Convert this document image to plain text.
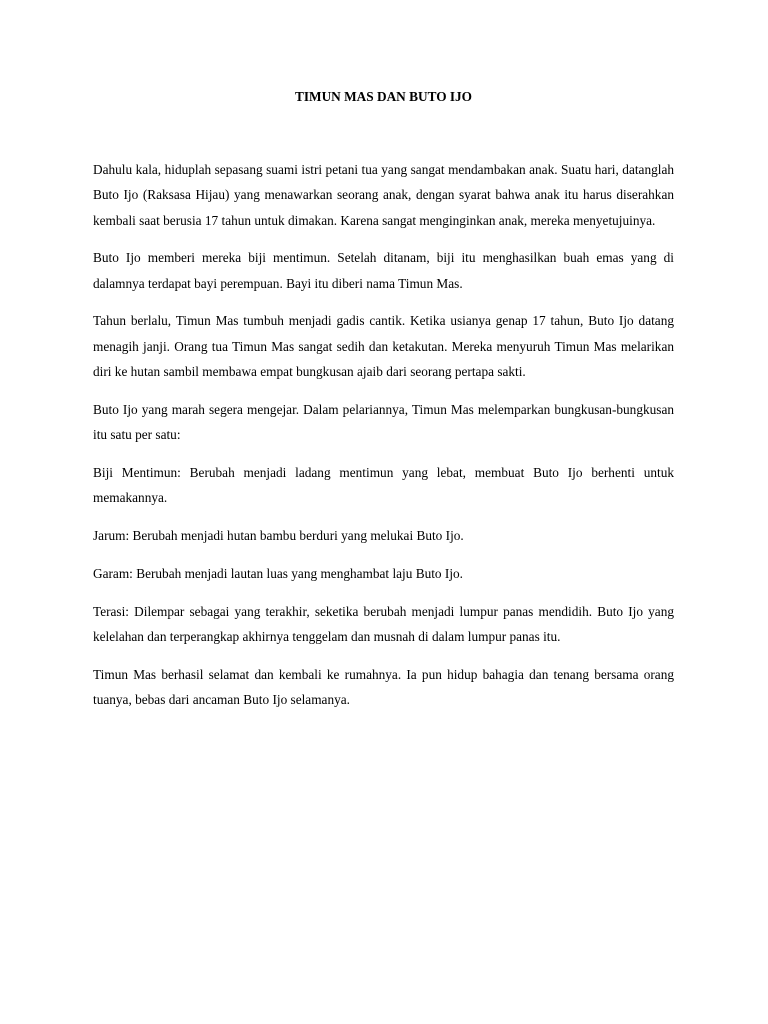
TIMUN MAS DAN BUTO IJO

Dahulu kala, hiduplah sepasang suami istri petani tua yang sangat mendambakan anak. Suatu hari, datanglah Buto Ijo (Raksasa Hijau) yang menawarkan seorang anak, dengan syarat bahwa anak itu harus diserahkan kembali saat berusia 17 tahun untuk dimakan. Karena sangat menginginkan anak, mereka menyetujuinya.

Buto Ijo memberi mereka biji mentimun. Setelah ditanam, biji itu menghasilkan buah emas yang di dalamnya terdapat bayi perempuan. Bayi itu diberi nama Timun Mas.

Tahun berlalu, Timun Mas tumbuh menjadi gadis cantik. Ketika usianya genap 17 tahun, Buto Ijo datang menagih janji. Orang tua Timun Mas sangat sedih dan ketakutan. Mereka menyuruh Timun Mas melarikan diri ke hutan sambil membawa empat bungkusan ajaib dari seorang pertapa sakti.

Buto Ijo yang marah segera mengejar. Dalam pelariannya, Timun Mas melemparkan bungkusan-bungkusan itu satu per satu:

Biji Mentimun: Berubah menjadi ladang mentimun yang lebat, membuat Buto Ijo berhenti untuk memakannya.

Jarum: Berubah menjadi hutan bambu berduri yang melukai Buto Ijo.

Garam: Berubah menjadi lautan luas yang menghambat laju Buto Ijo.

Terasi: Dilempar sebagai yang terakhir, seketika berubah menjadi lumpur panas mendidih. Buto Ijo yang kelelahan dan terperangkap akhirnya tenggelam dan musnah di dalam lumpur panas itu.

Timun Mas berhasil selamat dan kembali ke rumahnya. Ia pun hidup bahagia dan tenang bersama orang tuanya, bebas dari ancaman Buto Ijo selamanya.
